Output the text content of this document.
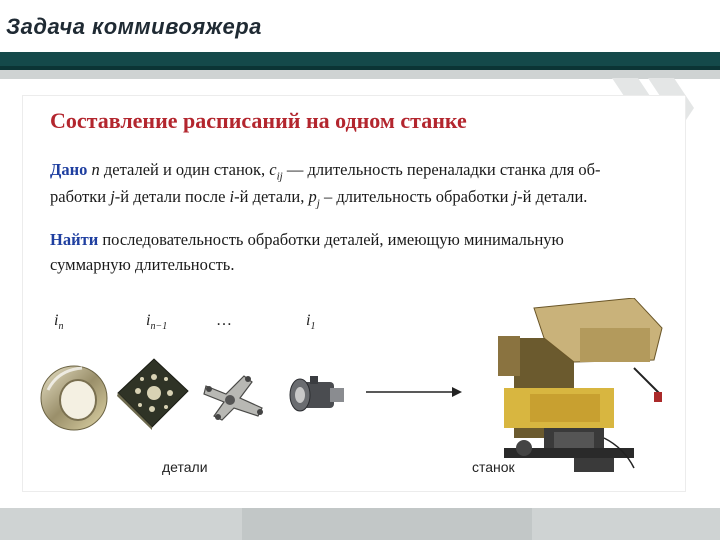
Задача коммивояжера
Составление расписаний на одном станке
Дано n деталей и один станок, $c_{ij}$ — длительность переналадки станка для об-
работки j-й детали после i-й детали, $p_j$ – длительность обработки j-й детали.
Найти последовательность обработки деталей, имеющую минимальную
суммарную длительность.
$i_n$	$i_{n-1}$	…	$i_1$
детали	станок
